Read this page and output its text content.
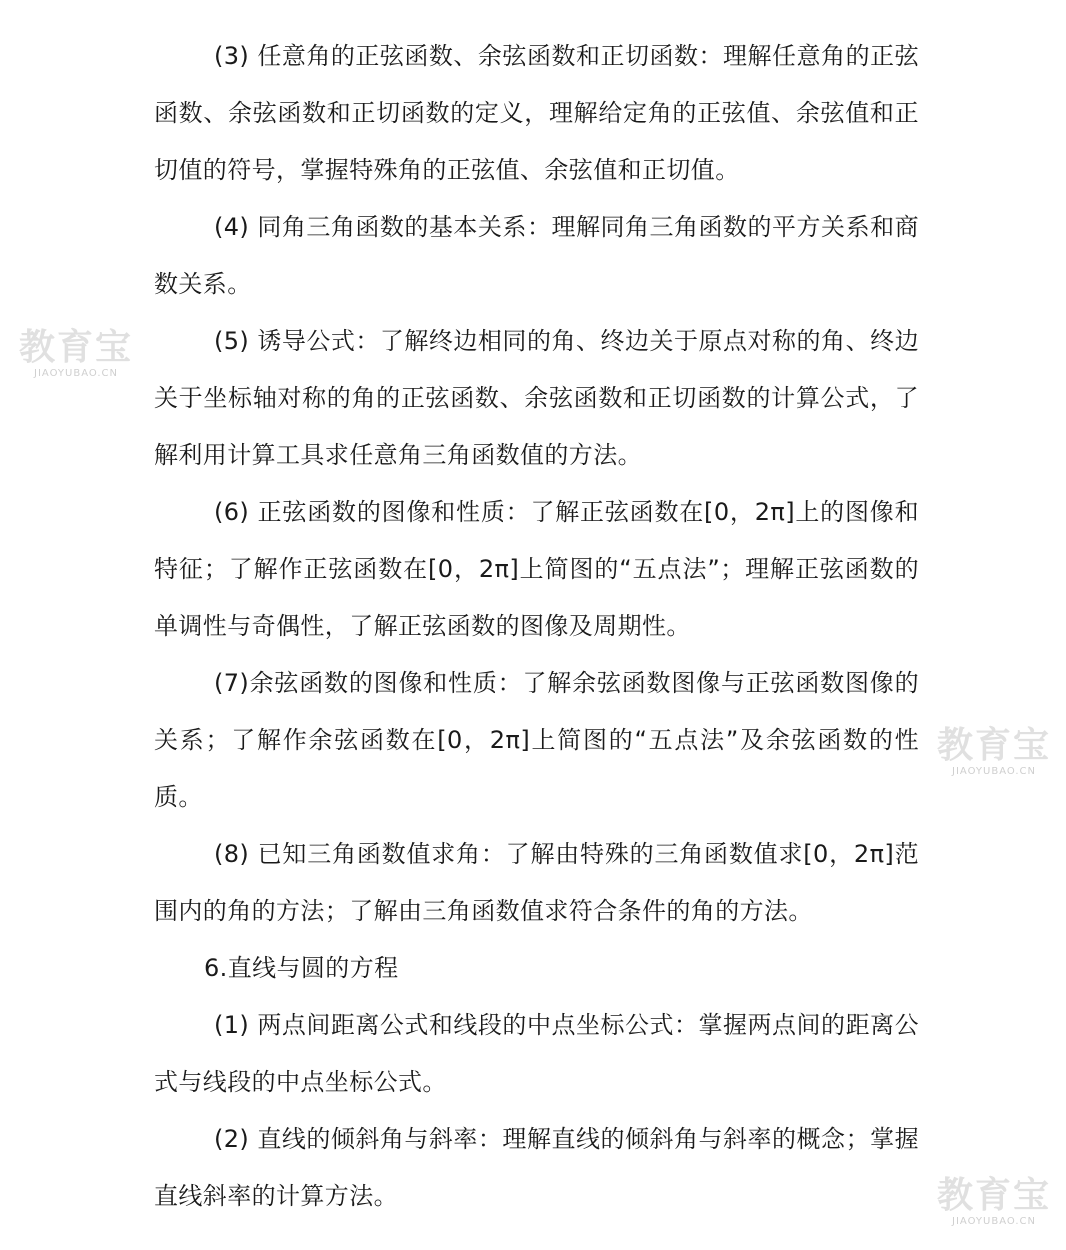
(3) 任意角的正弦函数、余弦函数和正切函数：理解任意角的正弦函数、余弦函数和正切函数的定义，理解给定角的正弦值、余弦值和正切值的符号，掌握特殊角的正弦值、余弦值和正切值。

(4) 同角三角函数的基本关系：理解同角三角函数的平方关系和商数关系。

(5) 诱导公式：了解终边相同的角、终边关于原点对称的角、终边关于坐标轴对称的角的正弦函数、余弦函数和正切函数的计算公式，了解利用计算工具求任意角三角函数值的方法。

(6) 正弦函数的图像和性质：了解正弦函数在[0，2π]上的图像和特征；了解作正弦函数在[0，2π]上简图的“五点法”；理解正弦函数的单调性与奇偶性，了解正弦函数的图像及周期性。

(7)余弦函数的图像和性质：了解余弦函数图像与正弦函数图像的关系；了解作余弦函数在[0，2π]上简图的“五点法”及余弦函数的性质。

(8) 已知三角函数值求角：了解由特殊的三角函数值求[0，2π]范围内的角的方法；了解由三角函数值求符合条件的角的方法。

6.直线与圆的方程

(1) 两点间距离公式和线段的中点坐标公式：掌握两点间的距离公式与线段的中点坐标公式。

(2) 直线的倾斜角与斜率：理解直线的倾斜角与斜率的概念；掌握直线斜率的计算方法。

教育宝
JIAOYUBAO.CN
教育宝
JIAOYUBAO.CN
教育宝
JIAOYUBAO.CN
